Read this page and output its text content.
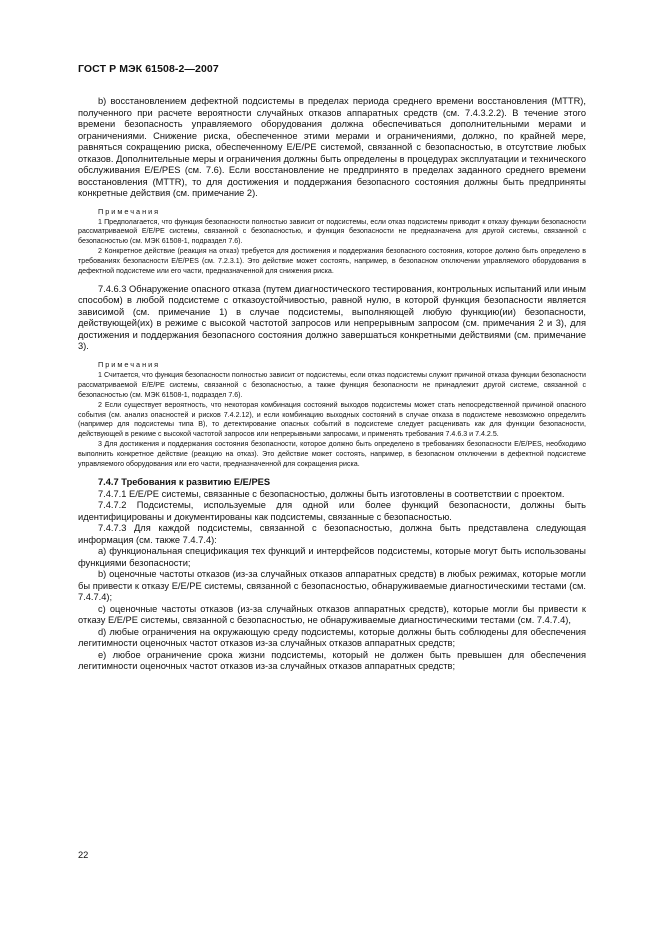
ГОСТ Р МЭК 61508-2—2007

b) восстановлением дефектной подсистемы в пределах периода среднего времени восстановления (MTTR), полученного при расчете вероятности случайных отказов аппаратных средств (см. 7.4.3.2.2). В течение этого времени безопасность управляемого оборудования должна обеспечиваться дополнительными мерами и ограничениями. Снижение риска, обеспеченное этими мерами и ограничениями, должно, по крайней мере, равняться сокращению риска, обеспеченному E/E/PE системой, связанной с безопасностью, в отсутствие любых отказов. Дополнительные меры и ограничения должны быть определены в процедурах эксплуатации и технического обслуживания E/E/PES (см. 7.6). Если восстановление не предпринято в пределах заданного среднего времени восстановления (MTTR), то для достижения и поддержания безопасного состояния должны быть предприняты конкретные действия (см. примечание 2).

Примечания

1 Предполагается, что функция безопасности полностью зависит от подсистемы, если отказ подсистемы приводит к отказу функции безопасности рассматриваемой E/E/PE системы, связанной с безопасностью, и функция безопасности не предназначена для другой системы, связанной с безопасностью (см. МЭК 61508-1, подраздел 7.6).

2 Конкретное действие (реакция на отказ) требуется для достижения и поддержания безопасного состояния, которое должно быть определено в требованиях безопасности E/E/PES (см. 7.2.3.1). Это действие может состоять, например, в безопасном отключении управляемого оборудования в дефектной подсистеме или его части, предназначенной для снижения риска.

7.4.6.3 Обнаружение опасного отказа (путем диагностического тестирования, контрольных испытаний или иным способом) в любой подсистеме с отказоустойчивостью, равной нулю, в которой функция безопасности является зависимой (см. примечание 1) в случае подсистемы, выполняющей любую функцию(ии) безопасности, действующей(их) в режиме с высокой частотой запросов или непрерывным запросом (см. примечания 2 и 3), для достижения и поддержания безопасного состояния должно завершаться конкретными действиями (см. примечание 3).

Примечания

1 Считается, что функция безопасности полностью зависит от подсистемы, если отказ подсистемы служит причиной отказа функции безопасности рассматриваемой E/E/PE системы, связанной с безопасностью, а также функция безопасности не принадлежит другой системе, связанной с безопасностью (см. МЭК 61508-1, подраздел 7.6).

2 Если существует вероятность, что некоторая комбинация состояний выходов подсистемы может стать непосредственной причиной опасного события (см. анализ опасностей и рисков 7.4.2.12), и если комбинацию выходных состояний в случае отказа в подсистеме невозможно определить (например для подсистемы типа B), то детектирование опасных событий в подсистеме следует расценивать как для функции безопасности, действующей в режиме с высокой частотой запросов или непрерывными запросами, и применять требования 7.4.6.3 и 7.4.2.5.

3 Для достижения и поддержания состояния безопасности, которое должно быть определено в требованиях безопасности E/E/PES, необходимо выполнить конкретное действие (реакцию на отказ). Это действие может состоять, например, в безопасном отключении в дефектной подсистеме управляемого оборудования или его части, предназначенной для сокращения риска.

7.4.7 Требования к развитию E/E/PES

7.4.7.1 E/E/PE системы, связанные с безопасностью, должны быть изготовлены в соответствии с проектом.

7.4.7.2 Подсистемы, используемые для одной или более функций безопасности, должны быть идентифицированы и документированы как подсистемы, связанные с безопасностью.

7.4.7.3 Для каждой подсистемы, связанной с безопасностью, должна быть представлена следующая информация (см. также 7.4.7.4):

a) функциональная спецификация тех функций и интерфейсов подсистемы, которые могут быть использованы функциями безопасности;

b) оценочные частоты отказов (из-за случайных отказов аппаратных средств) в любых режимах, которые могли бы привести к отказу E/E/PE системы, связанной с безопасностью, обнаруживаемые диагностическими тестами (см. 7.4.7.4);

c) оценочные частоты отказов (из-за случайных отказов аппаратных средств), которые могли бы привести к отказу E/E/PE системы, связанной с безопасностью, не обнаруживаемые диагностическими тестами (см. 7.4.7.4),

d) любые ограничения на окружающую среду подсистемы, которые должны быть соблюдены для обеспечения легитимности оценочных частот отказов из-за случайных отказов аппаратных средств;

e) любое ограничение срока жизни подсистемы, который не должен быть превышен для обеспечения легитимности оценочных частот отказов из-за случайных отказов аппаратных средств;

22
